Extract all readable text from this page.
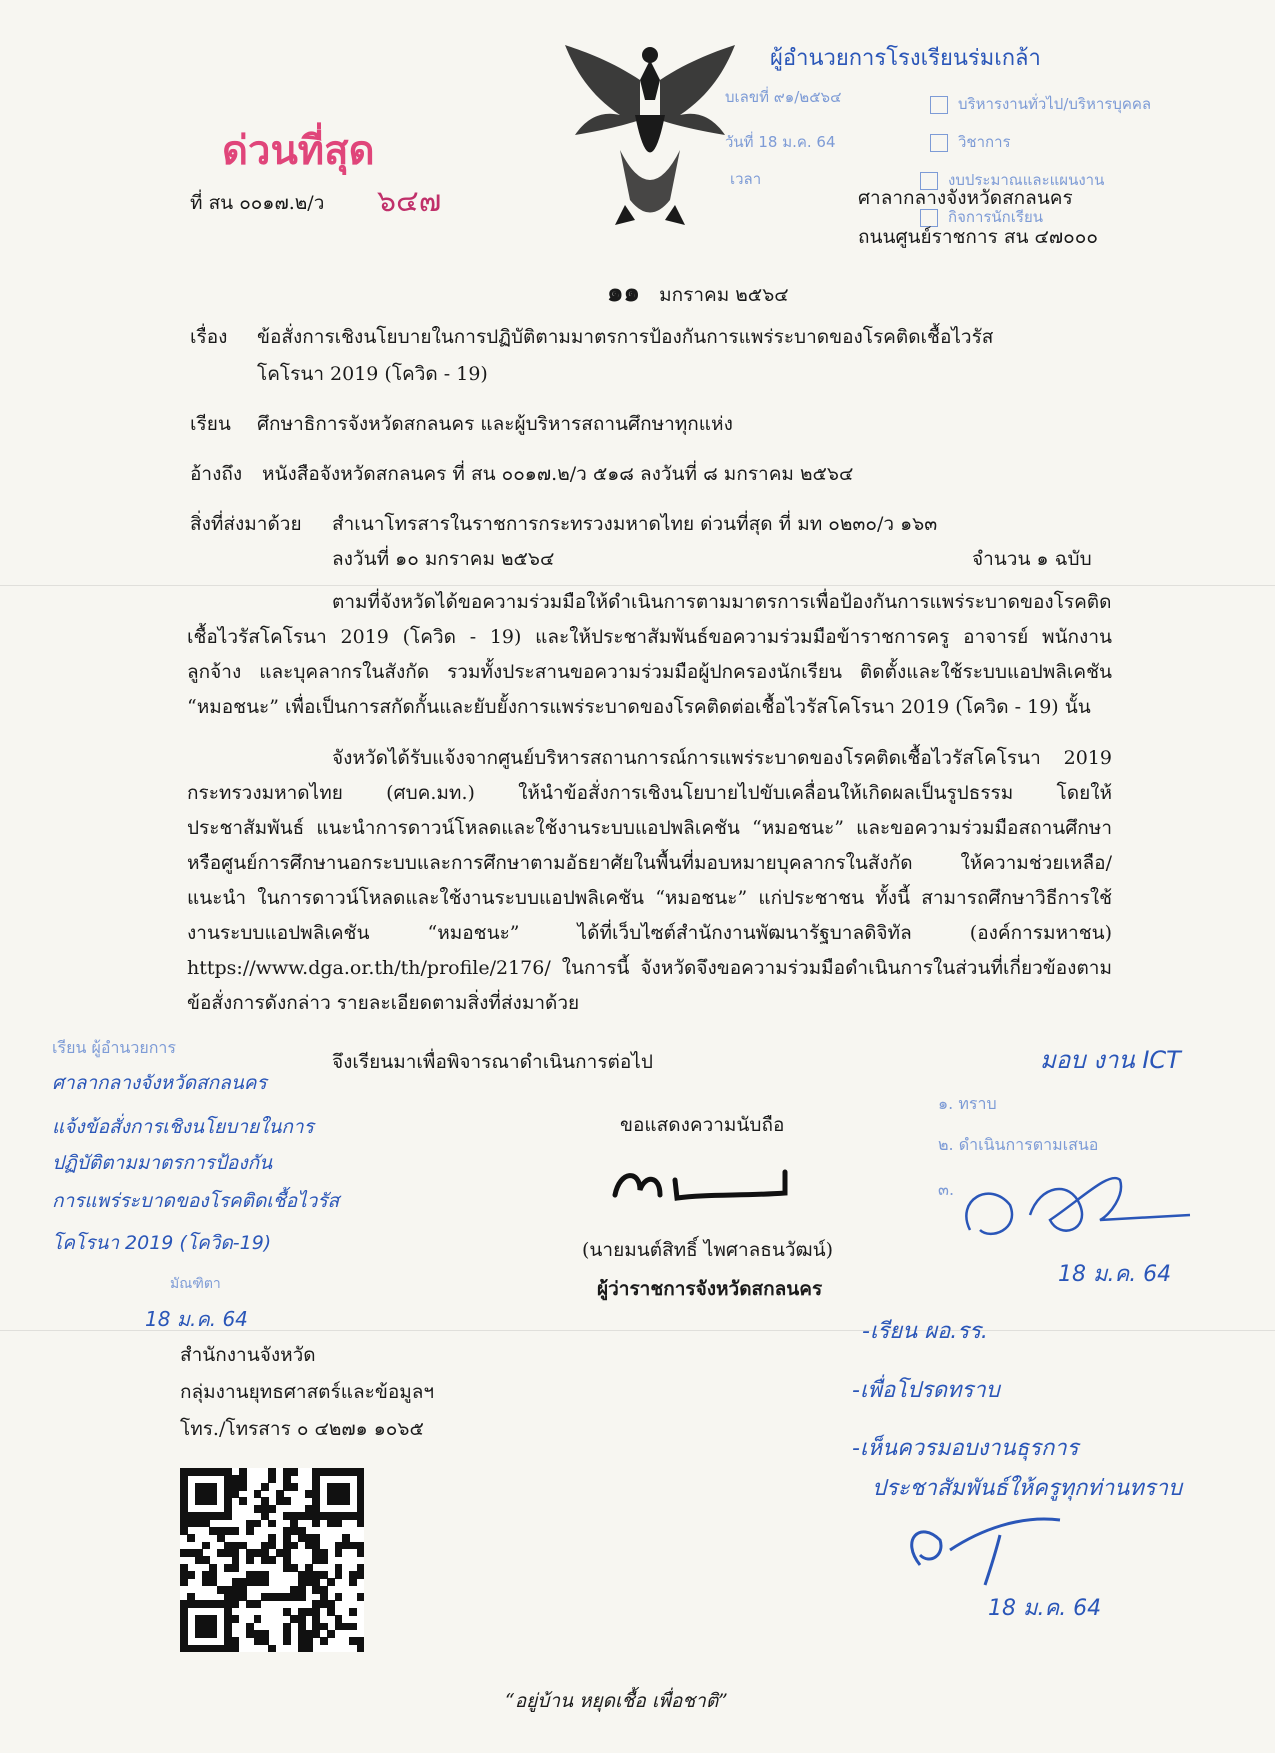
ด่วนที่สุด
ที่ สน ๐๐๑๗.๒/ว ๖๔๗
ผู้อำนวยการโรงเรียนร่มเกล้า
บเลขที่ ๙๑/๒๕๖๔
วันที่ 18 ม.ค. 64
เวลา
บริหารงานทั่วไป/บริหารบุคคล
วิชาการ
งบประมาณและแผนงาน
กิจการนักเรียน
ศาลากลางจังหวัดสกลนคร
ถนนศูนย์ราชการ สน ๔๗๐๐๐
๑๑ มกราคม ๒๕๖๔
เรื่อง ข้อสั่งการเชิงนโยบายในการปฏิบัติตามมาตรการป้องกันการแพร่ระบาดของโรคติดเชื้อไวรัส
โคโรนา 2019 (โควิด - 19)
เรียน ศึกษาธิการจังหวัดสกลนคร และผู้บริหารสถานศึกษาทุกแห่ง
อ้างถึง หนังสือจังหวัดสกลนคร ที่ สน ๐๐๑๗.๒/ว ๕๑๘ ลงวันที่ ๘ มกราคม ๒๕๖๔
สิ่งที่ส่งมาด้วย สำเนาโทรสารในราชการกระทรวงมหาดไทย ด่วนที่สุด ที่ มท ๐๒๓๐/ว ๑๖๓
ลงวันที่ ๑๐ มกราคม ๒๕๖๔	จำนวน ๑ ฉบับ

ตามที่จังหวัดได้ขอความร่วมมือให้ดำเนินการตามมาตรการเพื่อป้องกันการแพร่ระบาดของโรคติดเชื้อไวรัสโคโรนา 2019 (โควิด - 19) และให้ประชาสัมพันธ์ขอความร่วมมือข้าราชการครู อาจารย์ พนักงาน ลูกจ้าง และบุคลากรในสังกัด รวมทั้งประสานขอความร่วมมือผู้ปกครองนักเรียน ติดตั้งและใช้ระบบแอปพลิเคชัน “หมอชนะ” เพื่อเป็นการสกัดกั้นและยับยั้งการแพร่ระบาดของโรคติดต่อเชื้อไวรัสโคโรนา 2019 (โควิด - 19) นั้น

จังหวัดได้รับแจ้งจากศูนย์บริหารสถานการณ์การแพร่ระบาดของโรคติดเชื้อไวรัสโคโรนา 2019 กระทรวงมหาดไทย (ศบค.มท.) ให้นำข้อสั่งการเชิงนโยบายไปขับเคลื่อนให้เกิดผลเป็นรูปธรรม โดยให้ประชาสัมพันธ์ แนะนำการดาวน์โหลดและใช้งานระบบแอปพลิเคชัน “หมอชนะ” และขอความร่วมมือสถานศึกษาหรือศูนย์การศึกษานอกระบบและการศึกษาตามอัธยาศัยในพื้นที่มอบหมายบุคลากรในสังกัด ให้ความช่วยเหลือ/แนะนำ ในการดาวน์โหลดและใช้งานระบบแอปพลิเคชัน “หมอชนะ” แก่ประชาชน ทั้งนี้ สามารถศึกษาวิธีการใช้งานระบบแอปพลิเคชัน “หมอชนะ” ได้ที่เว็บไซต์สำนักงานพัฒนารัฐบาลดิจิทัล (องค์การมหาชน) https://www.dga.or.th/th/profile/2176/ ในการนี้ จังหวัดจึงขอความร่วมมือดำเนินการในส่วนที่เกี่ยวข้องตามข้อสั่งการดังกล่าว รายละเอียดตามสิ่งที่ส่งมาด้วย

จึงเรียนมาเพื่อพิจารณาดำเนินการต่อไป
ขอแสดงความนับถือ
(นายมนต์สิทธิ์ ไพศาลธนวัฒน์)
ผู้ว่าราชการจังหวัดสกลนคร
สำนักงานจังหวัด
กลุ่มงานยุทธศาสตร์และข้อมูลฯ
โทร./โทรสาร ๐ ๔๒๗๑ ๑๐๖๕
“อยู่บ้าน หยุดเชื้อ เพื่อชาติ”
เรียน ผู้อำนวยการ
ศาลากลางจังหวัดสกลนคร
แจ้งข้อสั่งการเชิงนโยบายในการ
ปฏิบัติตามมาตรการป้องกัน
การแพร่ระบาดของโรคติดเชื้อไวรัส
โคโรนา 2019 (โควิด-19)
มัณฑิตา
18 ม.ค. 64
มอบ งาน ICT
๑. ทราบ
๒. ดำเนินการตามเสนอ
๓.
18 ม.ค. 64
-เรียน ผอ.รร.
-เพื่อโปรดทราบ
-เห็นควรมอบงานธุรการ
ประชาสัมพันธ์ให้ครูทุกท่านทราบ
18 ม.ค. 64
